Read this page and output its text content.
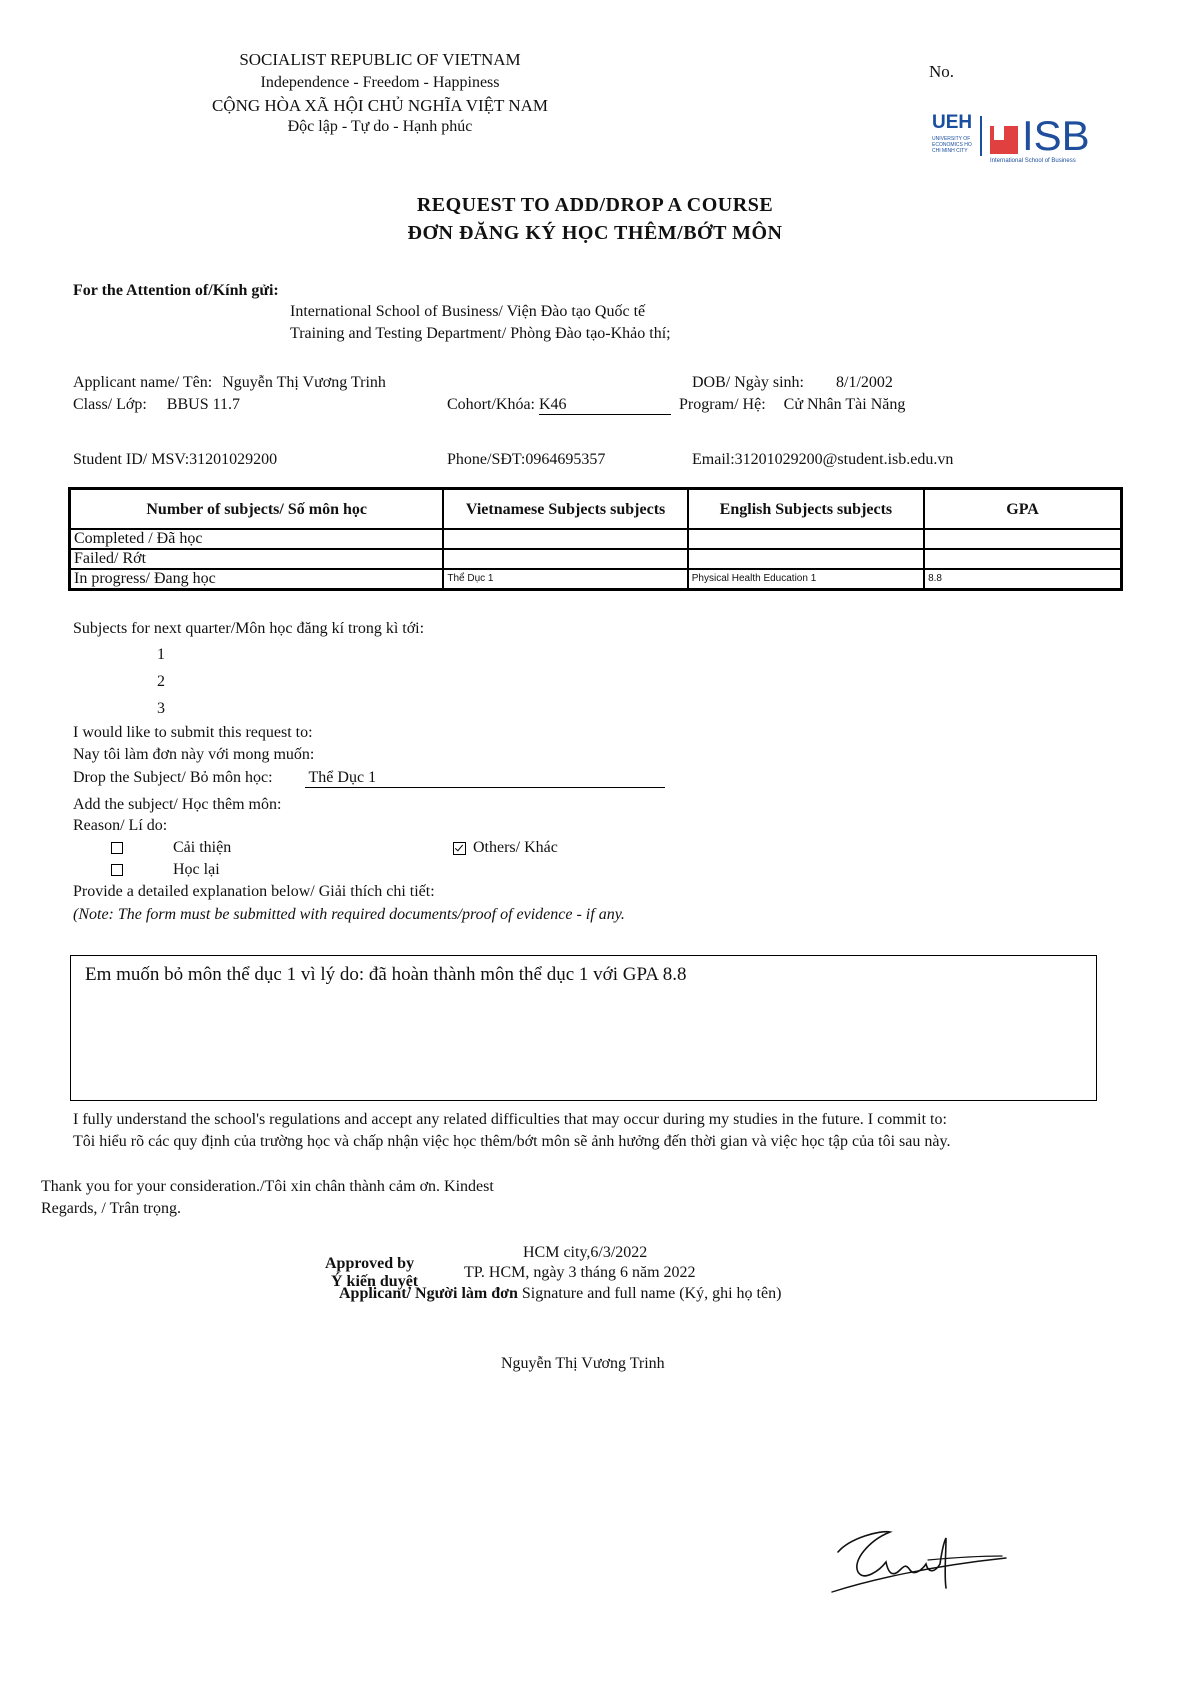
SOCIALIST REPUBLIC OF VIETNAM
Independence - Freedom - Happiness
CỘNG HÒA XÃ HỘI CHỦ NGHĨA VIỆT NAM
Độc lập - Tự do - Hạnh phúc
No.
UEH
UNIVERSITY OF ECONOMICS HO CHI MINH CITY ISB
International School of Business
REQUEST TO ADD/DROP A COURSE
ĐƠN ĐĂNG KÝ HỌC THÊM/BỚT MÔN
For the Attention of/Kính gửi:
International School of Business/ Viện Đào tạo Quốc tế
Training and Testing Department/ Phòng Đào tạo-Khảo thí;
Applicant name/ Tên: Nguyễn Thị Vương Trinh	DOB/ Ngày sinh: 8/1/2002
Class/ Lớp: BBUS 11.7	Cohort/Khóa: K46	Program/ Hệ: Cử Nhân Tài Năng
Student ID/ MSV:31201029200	Phone/SĐT:0964695357	Email:31201029200@student.isb.edu.vn
Number of subjects/ Số môn học	Vietnamese Subjects subjects	English Subjects subjects	GPA
Completed / Đã học			
Failed/ Rớt			
In progress/ Đang học	Thể Dục 1	Physical Health Education 1	8.8
Subjects for next quarter/Môn học đăng kí trong kì tới:
1
2
3
I would like to submit this request to:
Nay tôi làm đơn này với mong muốn:
Drop the Subject/ Bỏ môn học: Thể Dục 1
Add the subject/ Học thêm môn:
Reason/ Lí do:
Cải thiện
Học lại
Others/ Khác
Provide a detailed explanation below/ Giải thích chi tiết:
(Note: The form must be submitted with required documents/proof of evidence - if any.
Em muốn bỏ môn thể dục 1 vì lý do: đã hoàn thành môn thể dục 1 với GPA 8.8
I fully understand the school's regulations and accept any related difficulties that may occur during my studies in the future. I commit to:
Tôi hiểu rõ các quy định của trường học và chấp nhận việc học thêm/bớt môn sẽ ảnh hưởng đến thời gian và việc học tập của tôi sau này.
Thank you for your consideration./Tôi xin chân thành cảm ơn. Kindest
Regards, / Trân trọng.
HCM city,6/3/2022
Approved by
TP. HCM, ngày 3 tháng 6 năm 2022
Ý kiến duyệt
Applicant/ Người làm đơn Signature and full name (Ký, ghi họ tên)
Nguyễn Thị Vương Trinh
